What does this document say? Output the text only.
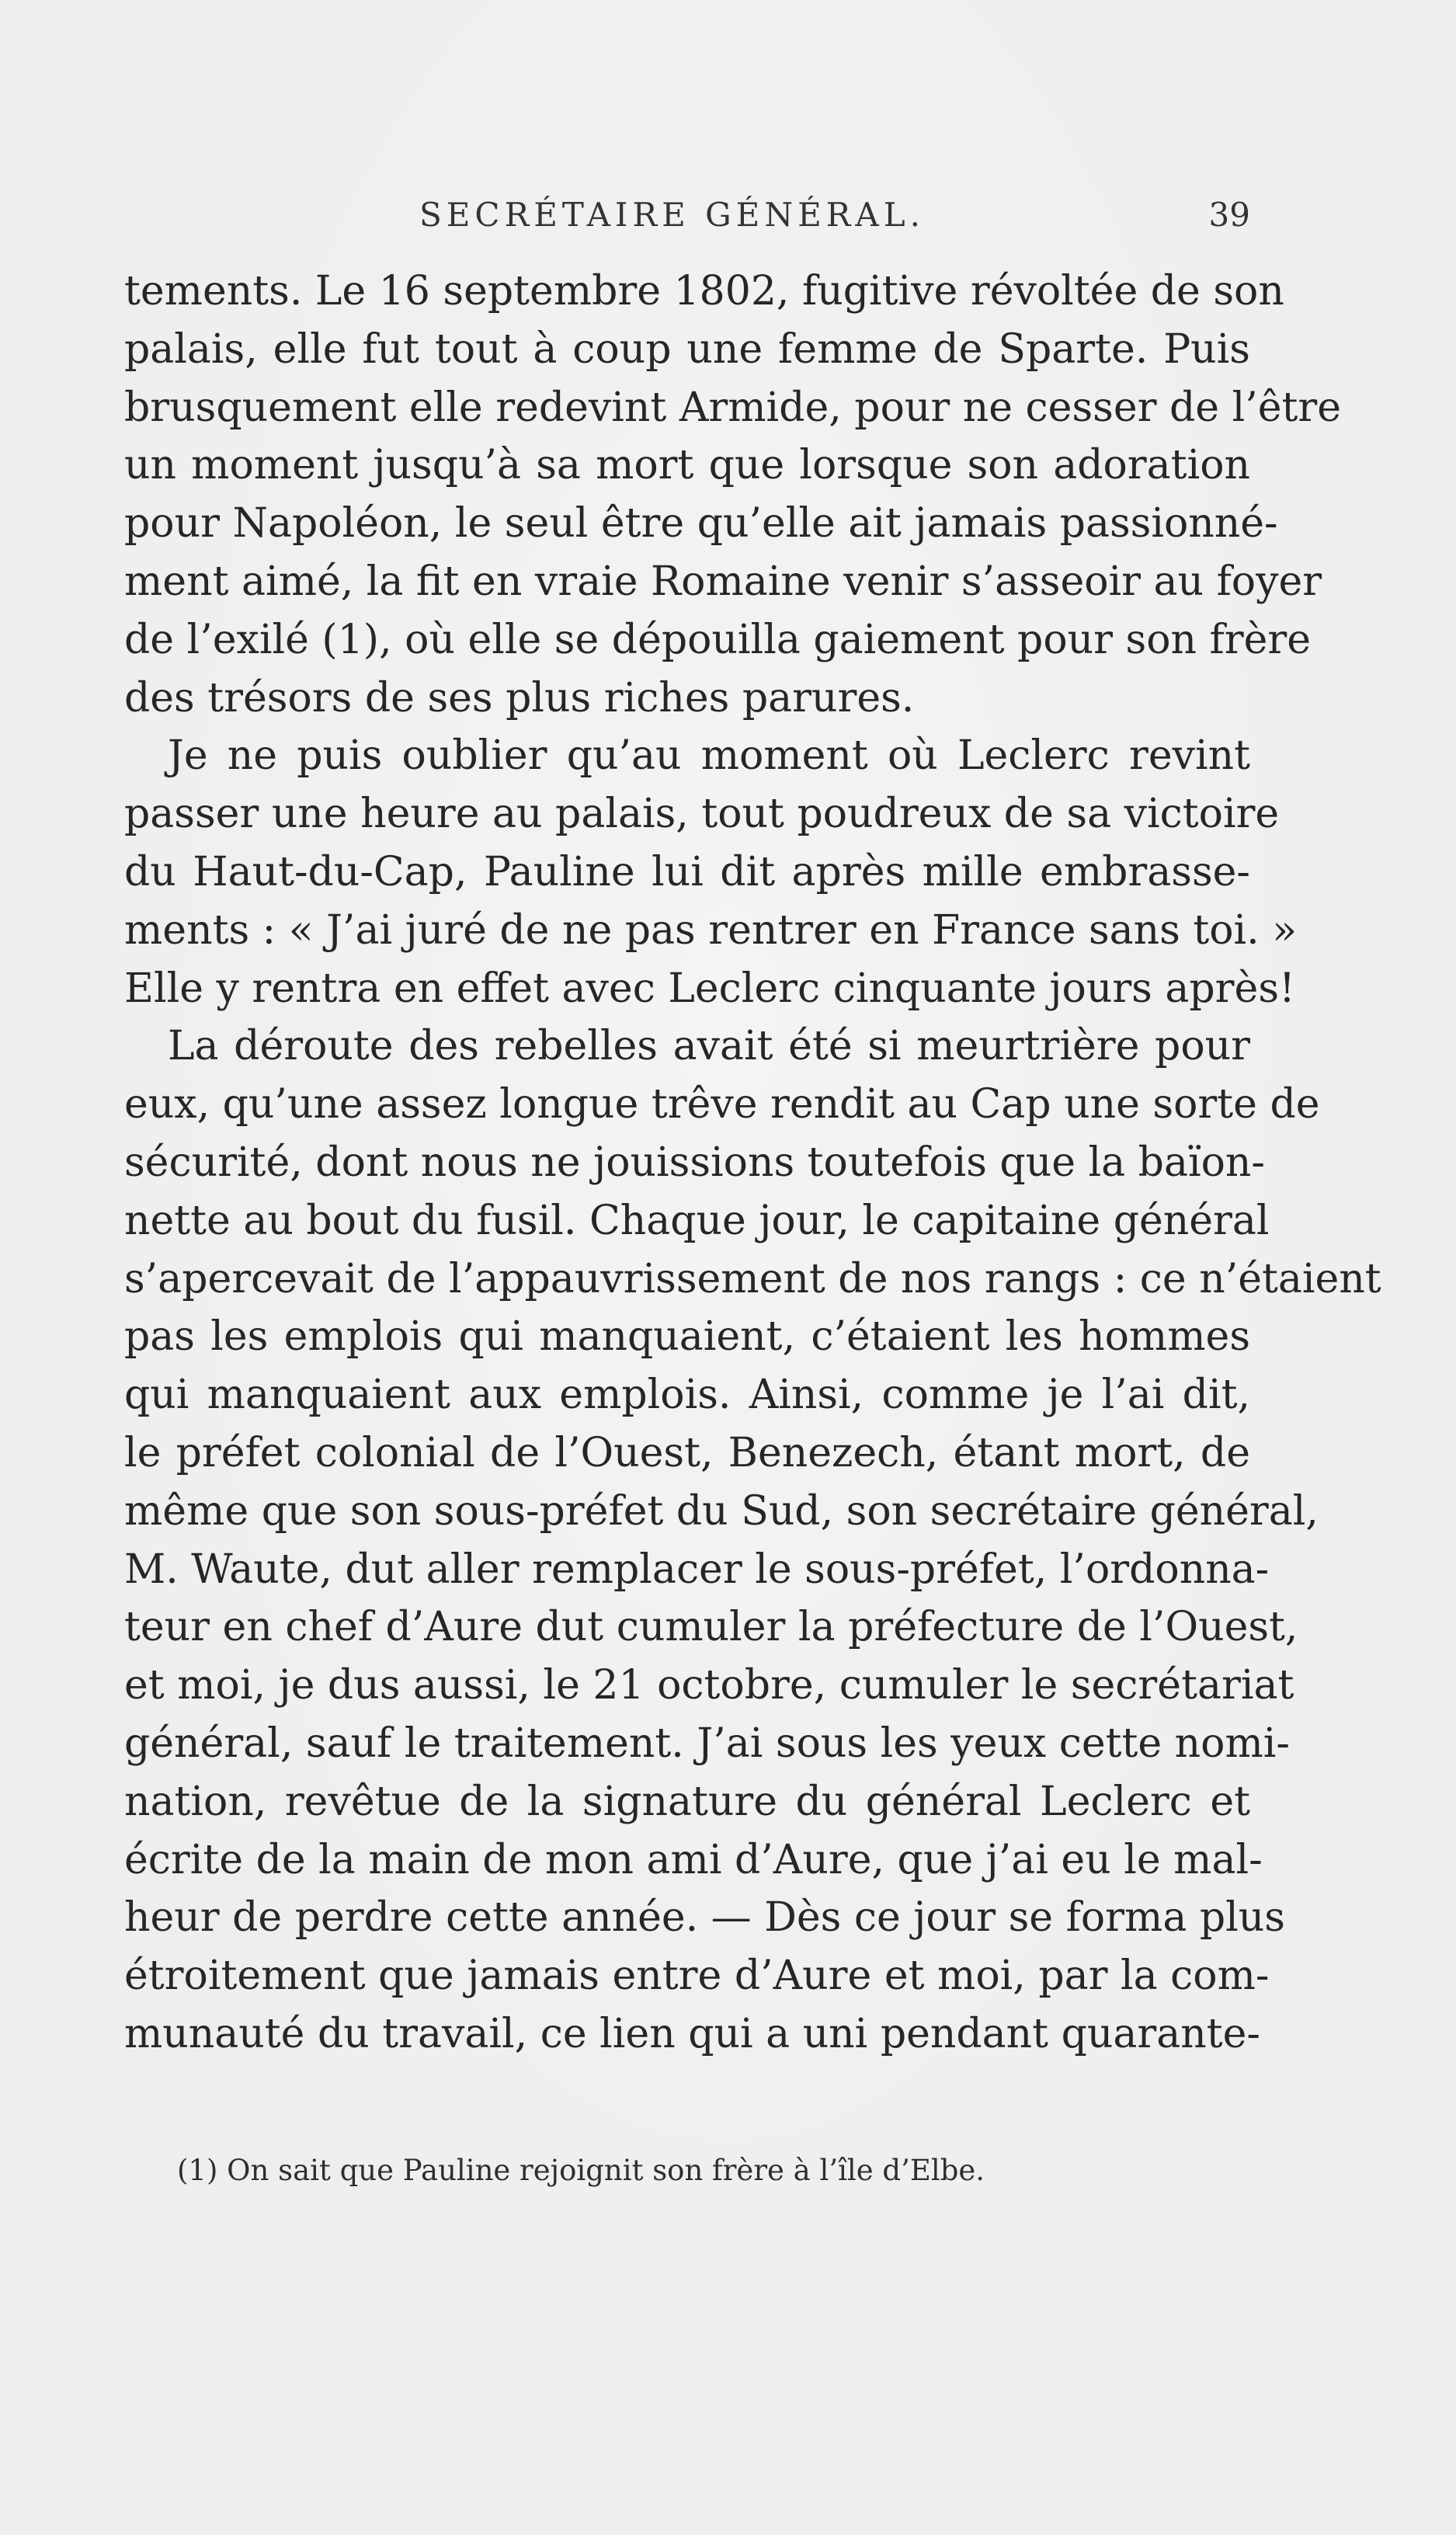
SECRÉTAIRE GÉNÉRAL.	39
tements. Le 16 septembre 1802, fugitive révoltée de son
palais, elle fut tout à coup une femme de Sparte. Puis
brusquement elle redevint Armide, pour ne cesser de l’être
un moment jusqu’à sa mort que lorsque son adoration
pour Napoléon, le seul être qu’elle ait jamais passionné-
ment aimé, la fit en vraie Romaine venir s’asseoir au foyer
de l’exilé (1), où elle se dépouilla gaiement pour son frère
des trésors de ses plus riches parures.
Je ne puis oublier qu’au moment où Leclerc revint
passer une heure au palais, tout poudreux de sa victoire
du Haut-du-Cap, Pauline lui dit après mille embrasse-
ments : « J’ai juré de ne pas rentrer en France sans toi. »
Elle y rentra en effet avec Leclerc cinquante jours après!
La déroute des rebelles avait été si meurtrière pour
eux, qu’une assez longue trêve rendit au Cap une sorte de
sécurité, dont nous ne jouissions toutefois que la baïon-
nette au bout du fusil. Chaque jour, le capitaine général
s’apercevait de l’appauvrissement de nos rangs : ce n’étaient
pas les emplois qui manquaient, c’étaient les hommes
qui manquaient aux emplois. Ainsi, comme je l’ai dit,
le préfet colonial de l’Ouest, Benezech, étant mort, de
même que son sous-préfet du Sud, son secrétaire général,
M. Waute, dut aller remplacer le sous-préfet, l’ordonna-
teur en chef d’Aure dut cumuler la préfecture de l’Ouest,
et moi, je dus aussi, le 21 octobre, cumuler le secrétariat
général, sauf le traitement. J’ai sous les yeux cette nomi-
nation, revêtue de la signature du général Leclerc et
écrite de la main de mon ami d’Aure, que j’ai eu le mal-
heur de perdre cette année. — Dès ce jour se forma plus
étroitement que jamais entre d’Aure et moi, par la com-
munauté du travail, ce lien qui a uni pendant quarante-
(1) On sait que Pauline rejoignit son frère à l’île d’Elbe.
